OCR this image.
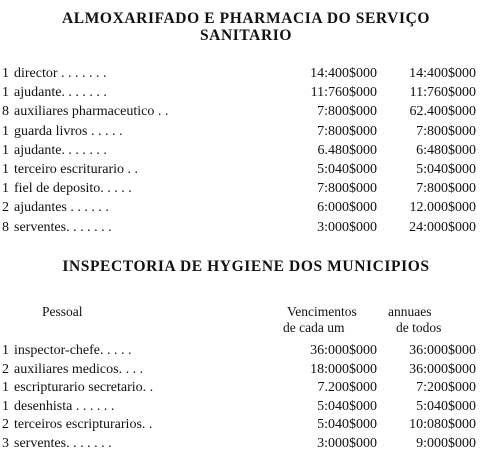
ALMOXARIFADO E PHARMACIA DO SERVIÇO
SANITARIO
1 director . . . . . . .	14:400$000 14:400$000
1 ajudante. . . . . . .	11:760$000 11:760$000
8 auxiliares pharmaceutico . .	7:800$000 62.400$000
1 guarda livros . . . . .	7:800$000	7:800$000
1 ajudante. . . . . . .	6.480$000	6:480$000
1 terceiro escriturario . .	5:040$000	5:040$000
1 fiel de deposito. . . . .	7:800$000	7:800$000
2 ajudantes . . . . . .	6:000$000 12.000$000
8 serventes. . . . . . .	3:000$000 24:000$000
INSPECTORIA DE HYGIENE DOS MUNICIPIOS
Pessoal	Vencimentos annuaes
de cada um	de todos
1 inspector-chefe. . . . .	36:000$000 36:000$000
2 auxiliares medicos. . . .	18:000$000 36:000$000
1 escripturario secretario. .	7.200$000	7:200$000
1 desenhista . . . . . .	5:040$000	5:040$000
2 terceiros escripturarios. .	5:040$000 10:080$000
3 serventes. . . . . . .	3:000$000	9:000$000
